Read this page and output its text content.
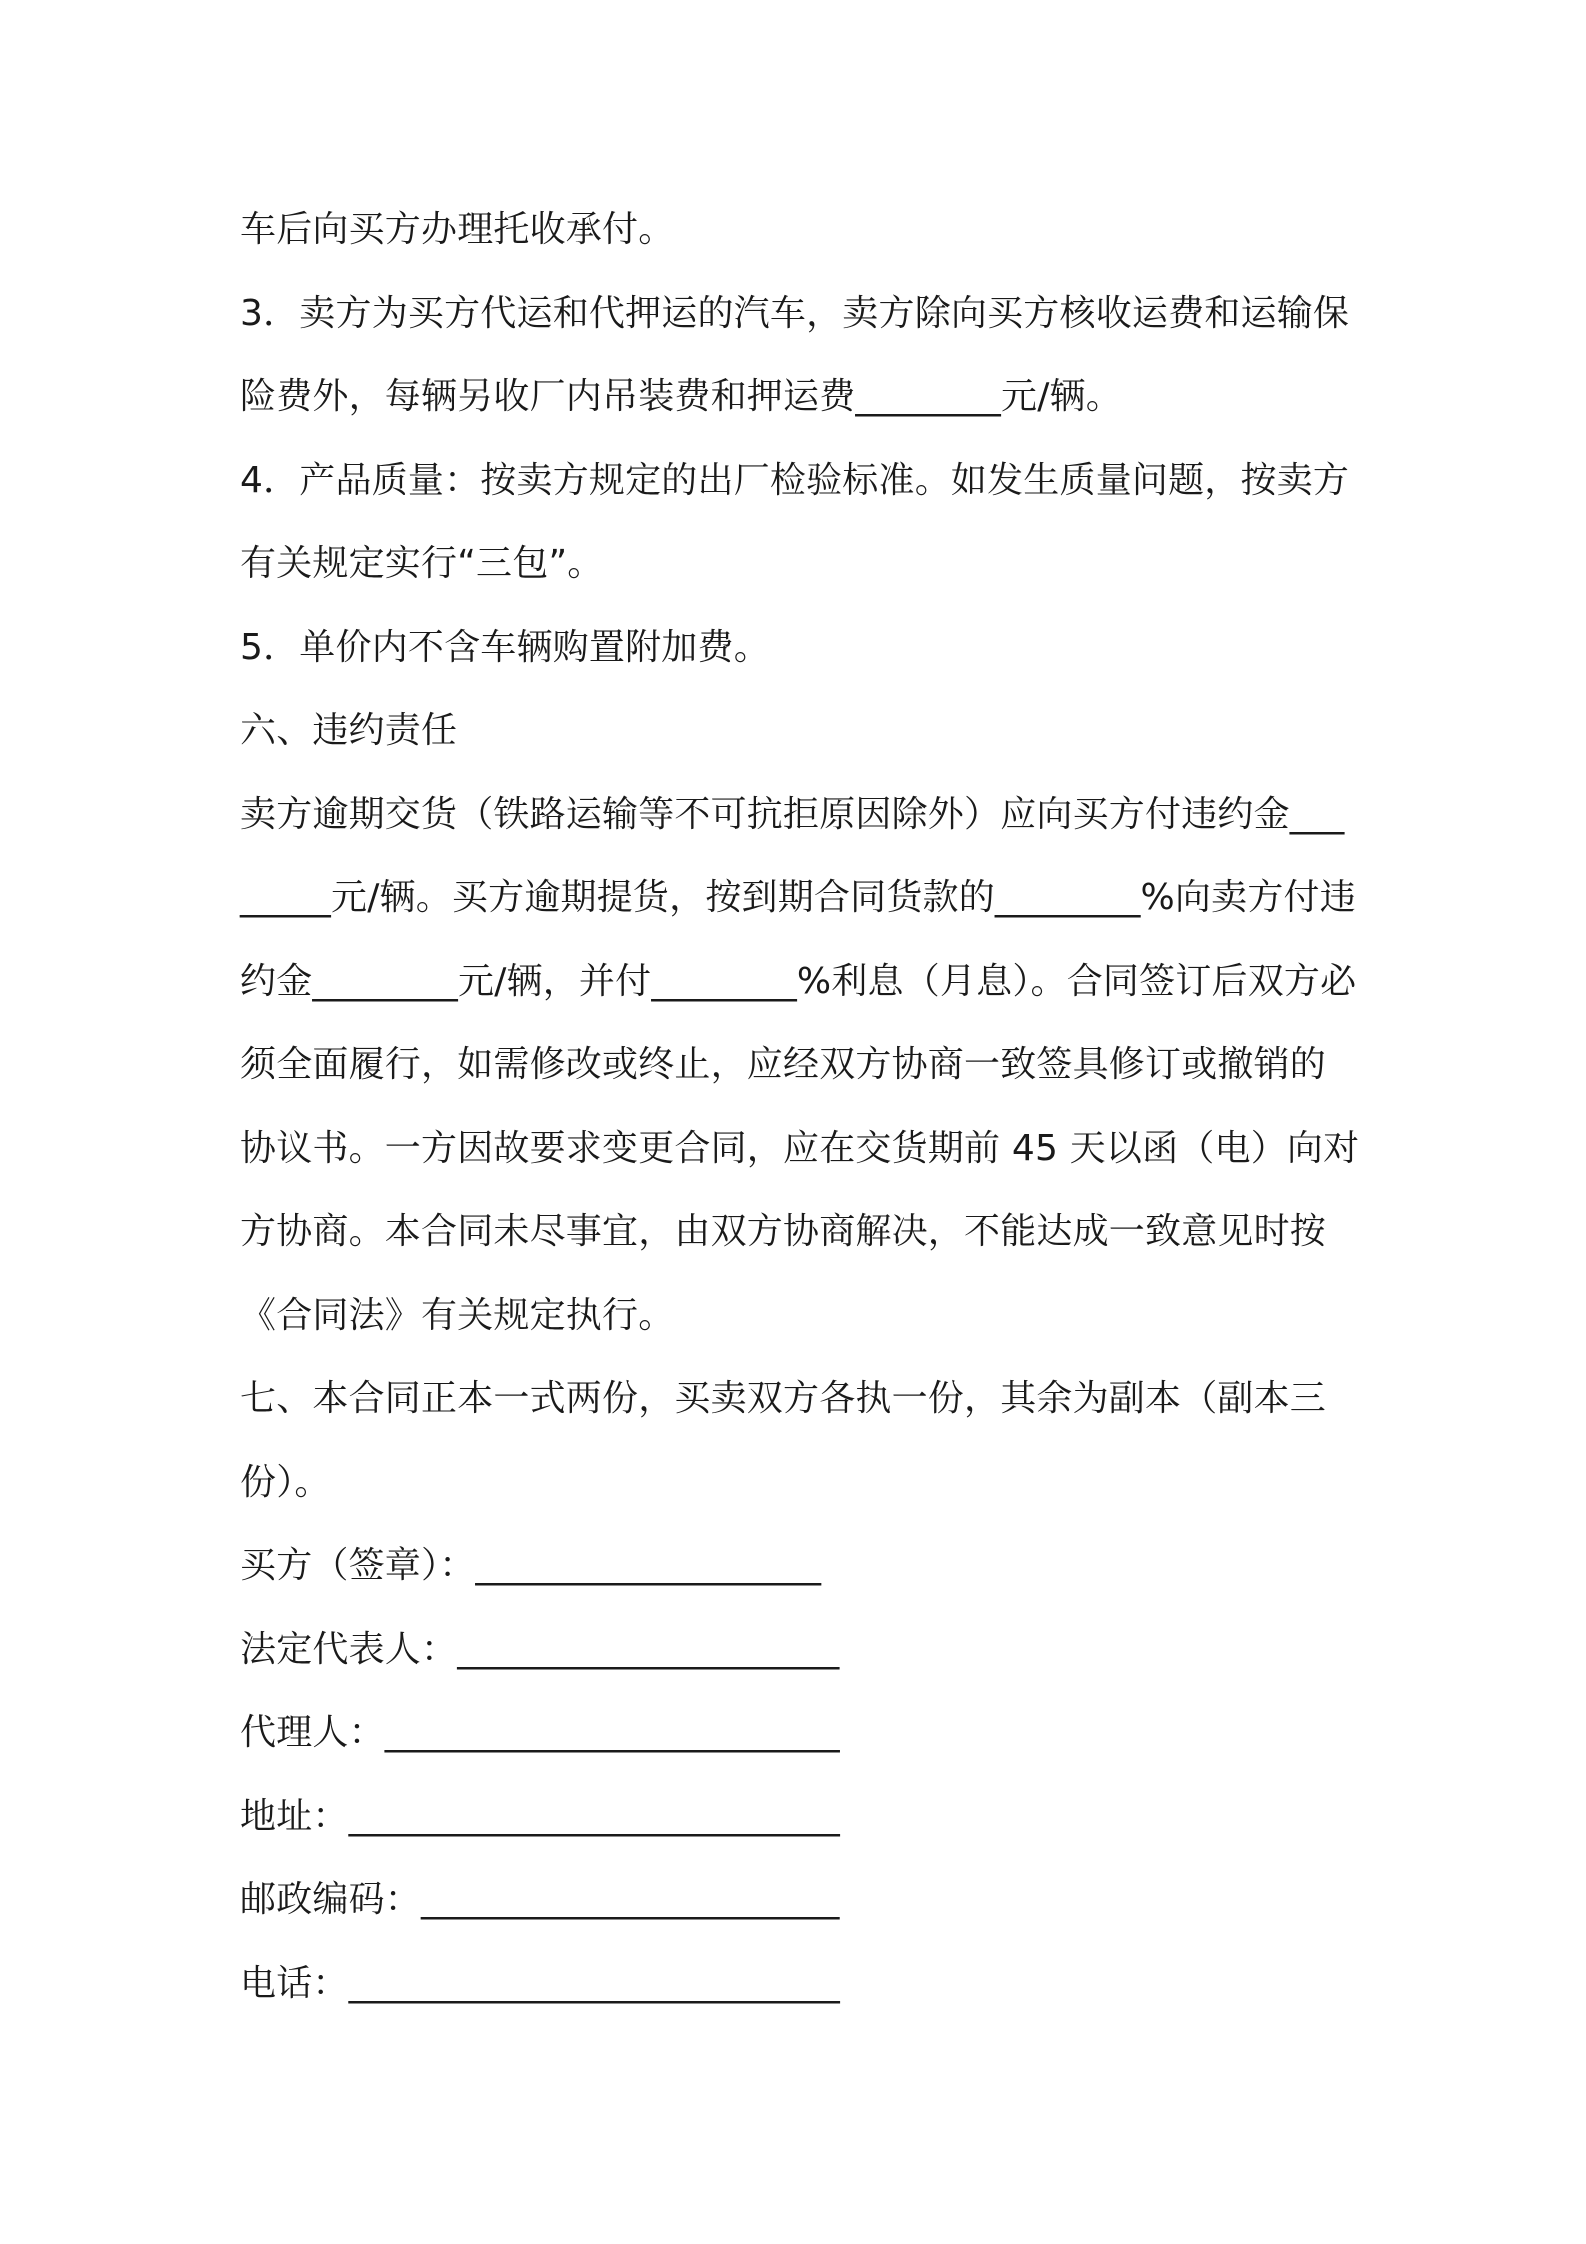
车后向买方办理托收承付。

3．卖方为买方代运和代押运的汽车，卖方除向买方核收运费和运输保险费外，每辆另收厂内吊装费和押运费________元/辆。

4．产品质量：按卖方规定的出厂检验标准。如发生质量问题，按卖方有关规定实行“三包”。

5．单价内不含车辆购置附加费。

六、违约责任

卖方逾期交货（铁路运输等不可抗拒原因除外）应向买方付违约金________元/辆。买方逾期提货，按到期合同货款的________%向卖方付违约金________元/辆，并付________%利息（月息）。合同签订后双方必须全面履行，如需修改或终止，应经双方协商一致签具修订或撤销的协议书。一方因故要求变更合同，应在交货期前 45 天以函（电）向对方协商。本合同未尽事宜，由双方协商解决，不能达成一致意见时按《合同法》有关规定执行。

七、本合同正本一式两份，买卖双方各执一份，其余为副本（副本三份）。

买方（签章）：___________________

法定代表人：_____________________

代理人：_________________________

地址：___________________________

邮政编码：_______________________

电话：___________________________
